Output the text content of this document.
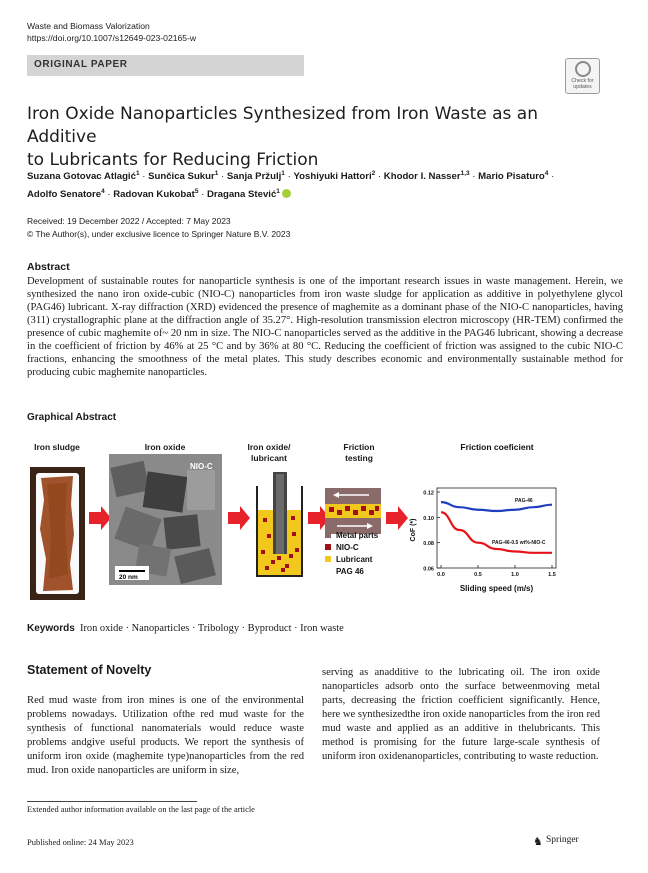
Waste and Biomass Valorization
https://doi.org/10.1007/s12649-023-02165-w
ORIGINAL PAPER
Check for updates
Iron Oxide Nanoparticles Synthesized from Iron Waste as an Additive
to Lubricants for Reducing Friction
Suzana Gotovac Atlagić$^1$ · Sunčica Sukur$^1$ · Sanja Pržulj$^1$ · Yoshiyuki Hattori$^2$ · Khodor I. Nasser$^{1,3}$ · Mario Pisaturo$^4$ ·
Adolfo Senatore$^4$ · Radovan Kukobat$^5$ · Dragana Stević$^1$
Received: 19 December 2022 / Accepted: 7 May 2023
© The Author(s), under exclusive licence to Springer Nature B.V. 2023
Abstract
Development of sustainable routes for nanoparticle synthesis is one of the important research issues in waste management. Herein, we synthesized the nano iron oxide-cubic (NIO-C) nanoparticles from iron waste sludge for application as additive in polyethylene glycol (PAG46) lubricant. X-ray diffraction (XRD) evidenced the presence of maghemite as a dominant phase of the NIO-C nanoparticles, having (311) crystallographic plane at the diffraction angle of 35.27°. High-resolution transmission electron microscopy (HR-TEM) confirmed the presence of cubic maghemite of~ 20 nm in size. The NIO-C nanoparticles served as the additive in the PAG46 lubricant, showing a decrease in the coefficient of friction by 46% at 25 °C and by 36% at 80 °C. Reducing the coefficient of friction was assigned to the cubic NIO-C fractions, enhancing the smoothness of the metal plates. This study describes economic and environmentally sustainable method for producing cubic maghemite nanoparticles.
Graphical Abstract
Iron sludge	Iron oxide	Iron oxide/
lubricant
Friction
testing
NIO-C
20 nm
Metal parts
NIO-C
Lubricant
PAG 46
Friction coeficient
0.06
0.08
0.10
0.12
0.0	0.5	1.0	1.5
Sliding speed (m/s)
CoF (*)
PAG-46
PAG-46-0.5 wt%-NIO-C
Keywords Iron oxide · Nanoparticles · Tribology · Byproduct · Iron waste
Statement of Novelty
Red mud waste from iron mines is one of the environmental problems nowadays. Utilization ofthe red mud waste for the synthesis of functional nanomaterials would reduce waste problems andgive useful products. We report the synthesis of uniform iron oxide (maghemite type)nanoparticles from the red mud. Iron oxide nanoparticles are uniform in size,
serving as anadditive to the lubricating oil. The iron oxide nanoparticles adsorb onto the surface betweenmoving metal parts, decreasing the friction coefficient significantly. Hence, here we synthesizedthe iron oxide nanoparticles from the iron red mud waste and applied as an additive in thelubricants. This method is promising for the future large-scale synthesis of uniform iron oxidenanoparticles, contributing to waste reduction.
Extended author information available on the last page of the article
Published online: 24 May 2023	♞ Springer
